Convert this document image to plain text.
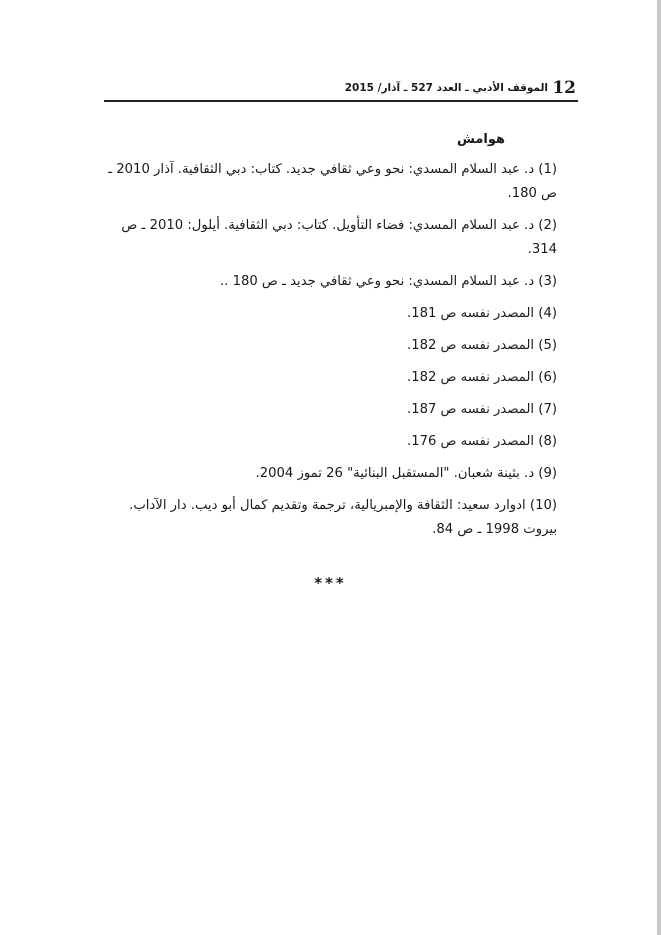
12
الموقف الأدبي ـ العدد 527 ـ آذار/ 2015
هوامش
(1) د. عبد السلام المسدي: نحو وعي ثقافي جديد. كتاب: دبي الثقافية. آذار 2010 ـ ص 180.
(2) د. عبد السلام المسدي: فضاء التأويل. كتاب: دبي الثقافية. أيلول: 2010 ـ ص 314.
(3) د. عبد السلام المسدي: نحو وعي ثقافي جديد ـ ص 180 ..
(4) المصدر نفسه ص 181.
(5) المصدر نفسه ص 182.
(6) المصدر نفسه ص 182.
(7) المصدر نفسه ص 187.
(8) المصدر نفسه ص 176.
(9) د. بثينة شعبان. "المستقبل البنائية" 26 تموز 2004.
(10) ادوارد سعيد: الثقافة والإمبريالية، ترجمة وتقديم كمال أبو ديب. دار الآداب. بيروت 1998 ـ ص 84.
***
